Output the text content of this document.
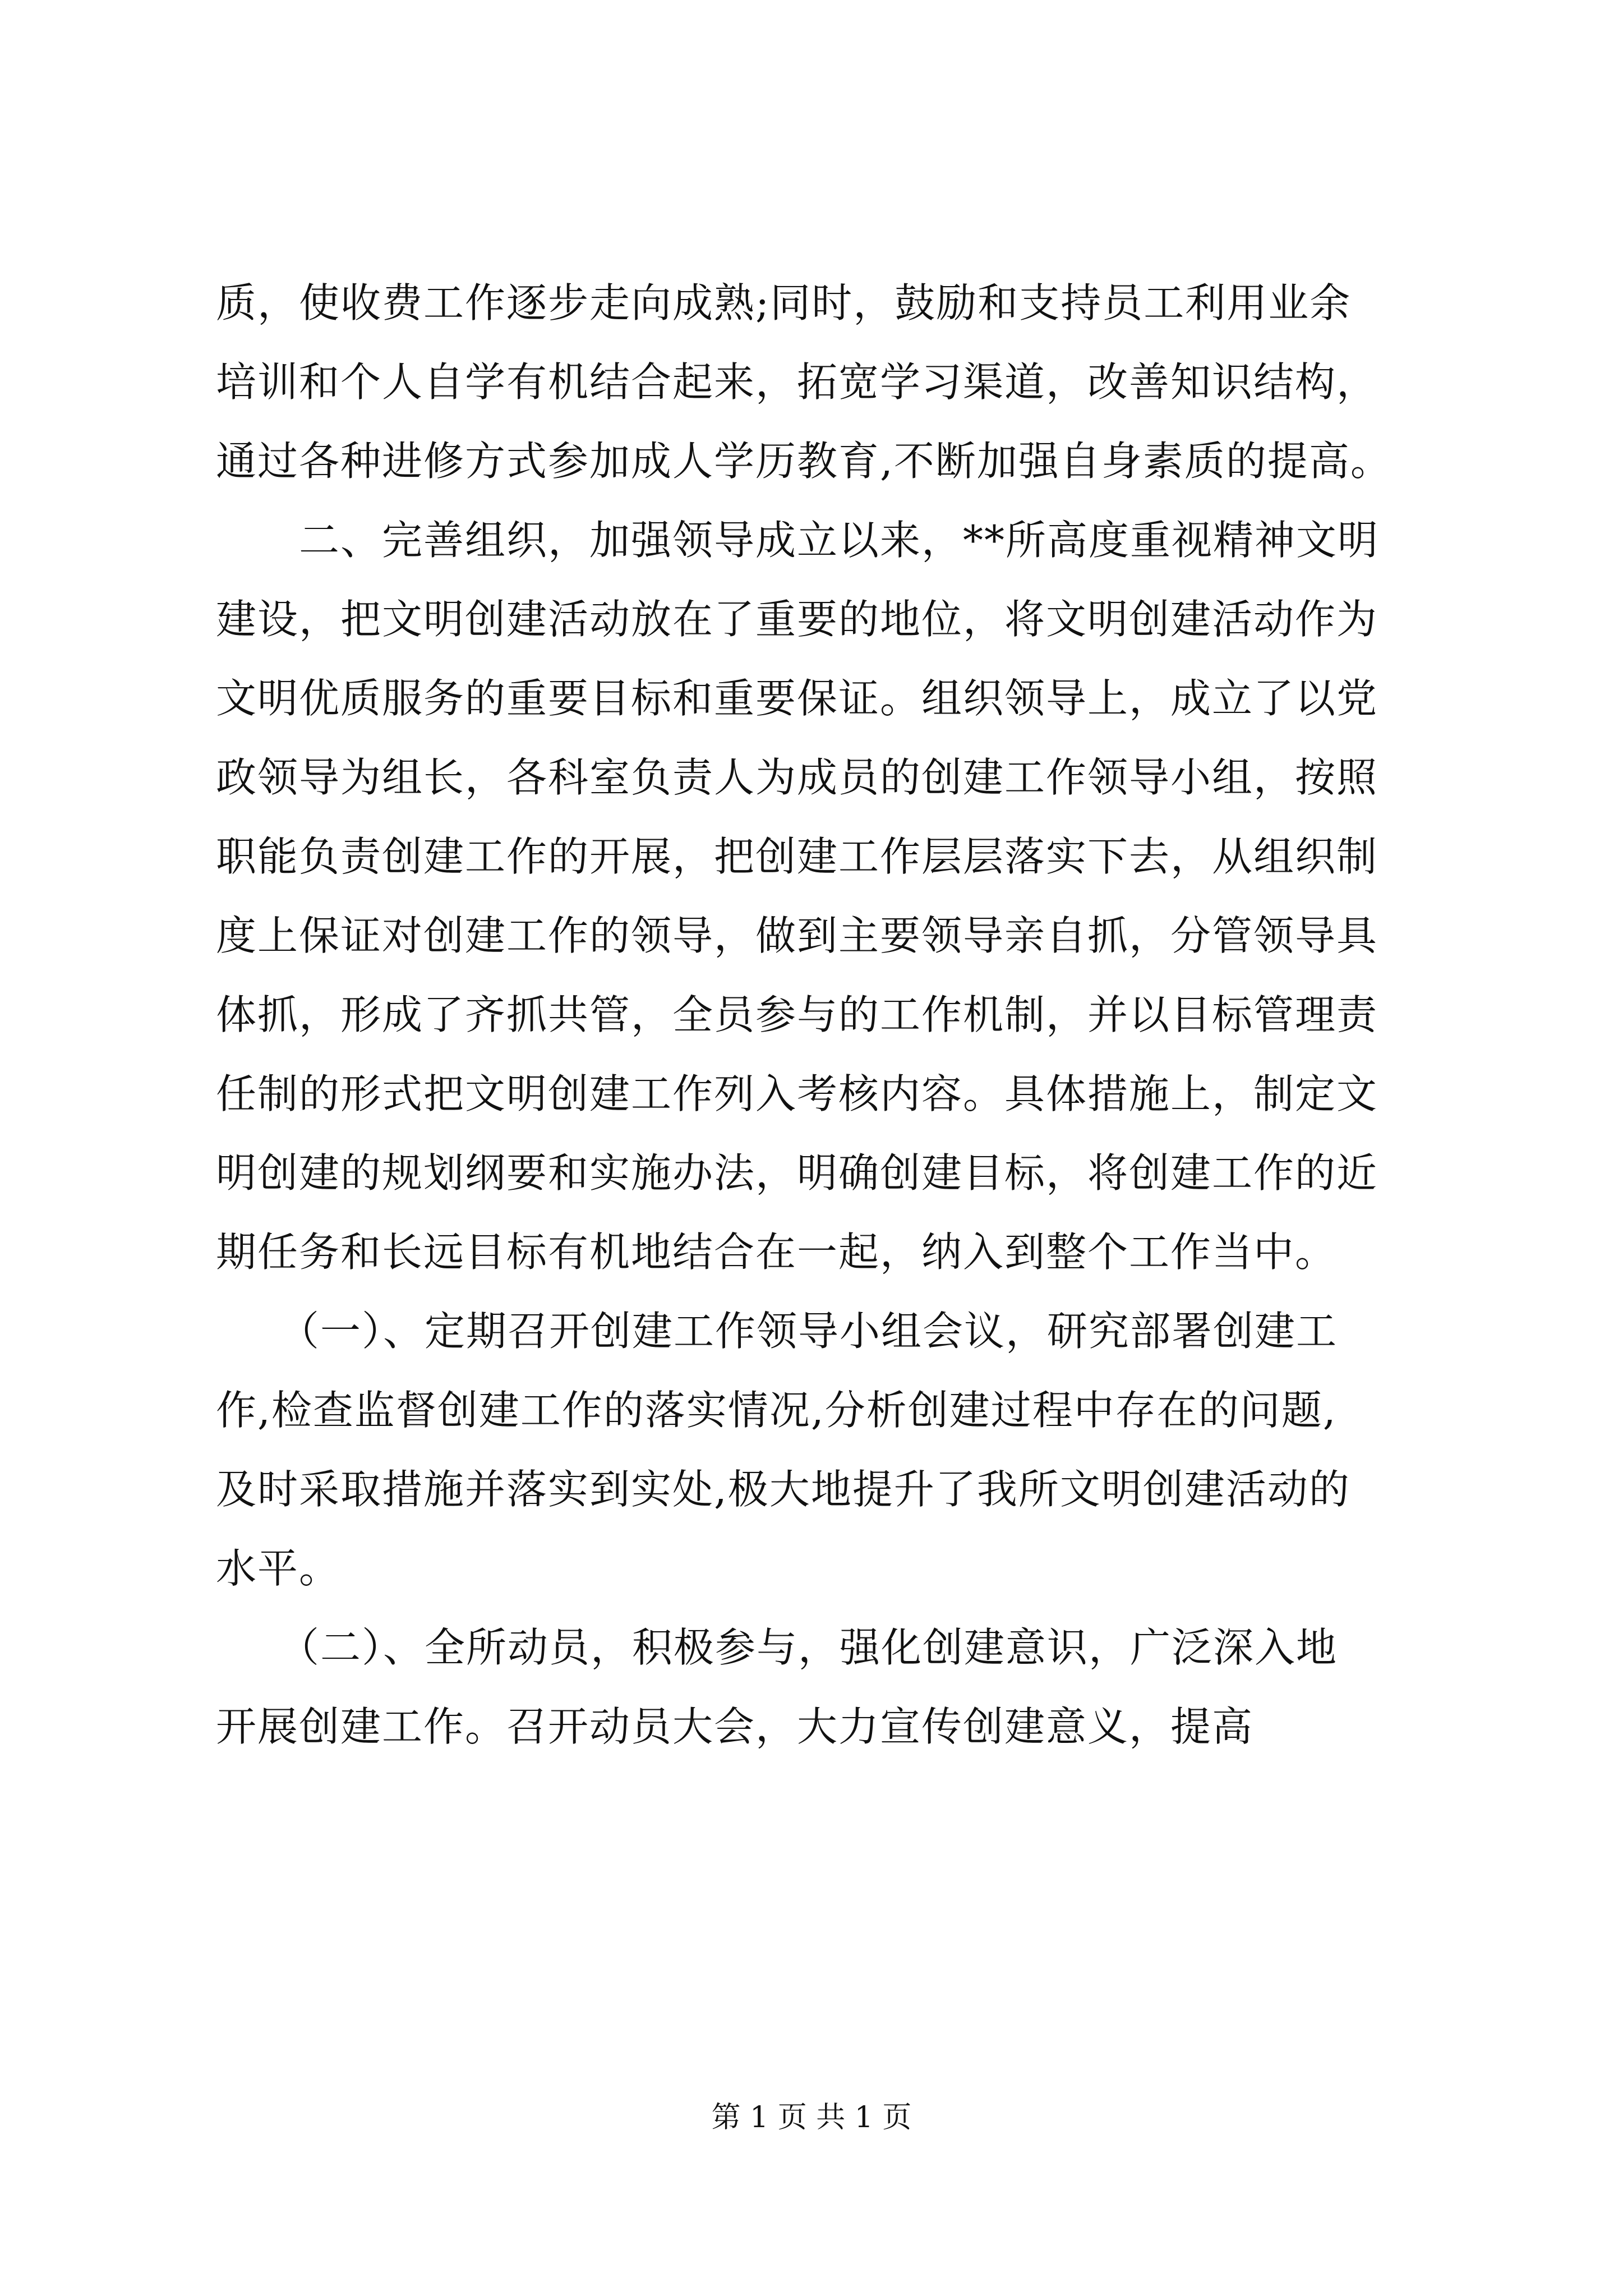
质，使收费工作逐步走向成熟;同时，鼓励和支持员工利用业余
培训和个人自学有机结合起来，拓宽学习渠道，改善知识结构，
通过各种进修方式参加成人学历教育,不断加强自身素质的提高。
　　二、完善组织，加强领导成立以来，**所高度重视精神文明
建设，把文明创建活动放在了重要的地位，将文明创建活动作为
文明优质服务的重要目标和重要保证。组织领导上，成立了以党
政领导为组长，各科室负责人为成员的创建工作领导小组，按照
职能负责创建工作的开展，把创建工作层层落实下去，从组织制
度上保证对创建工作的领导，做到主要领导亲自抓，分管领导具
体抓，形成了齐抓共管，全员参与的工作机制，并以目标管理责
任制的形式把文明创建工作列入考核内容。具体措施上，制定文
明创建的规划纲要和实施办法，明确创建目标，将创建工作的近
期任务和长远目标有机地结合在一起，纳入到整个工作当中。
　　（一）、定期召开创建工作领导小组会议，研究部署创建工
作,检查监督创建工作的落实情况,分析创建过程中存在的问题,
及时采取措施并落实到实处,极大地提升了我所文明创建活动的
水平。
　　（二）、全所动员，积极参与，强化创建意识，广泛深入地
开展创建工作。召开动员大会，大力宣传创建意义，提高
第 1 页 共 1 页
